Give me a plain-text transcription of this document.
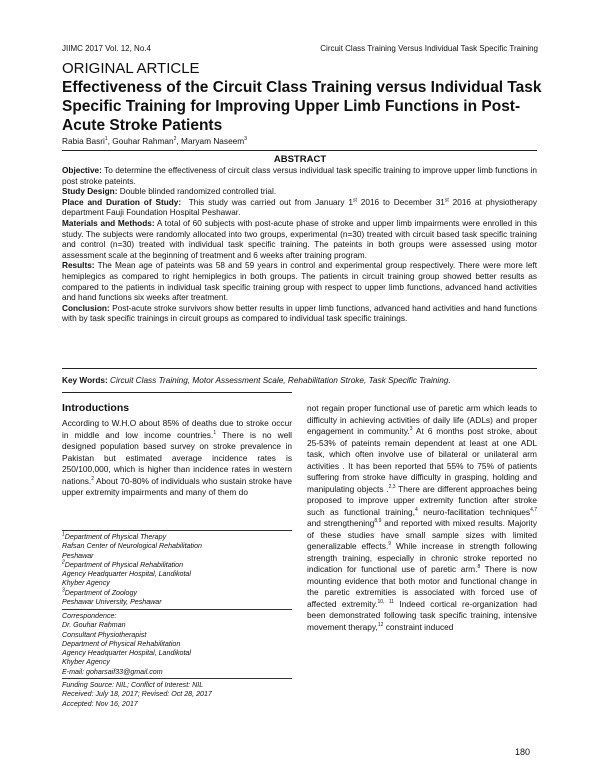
JIIMC 2017 Vol. 12, No.4	Circuit Class Training Versus Individual Task Specific Training
ORIGINAL ARTICLE
Effectiveness of the Circuit Class Training versus Individual Task Specific Training for Improving Upper Limb Functions in Post-Acute Stroke Patients
Rabia Basri$^1$, Gouhar Rahman$^2$, Maryam Naseem$^3$
ABSTRACT

Objective: To determine the effectiveness of circuit class versus individual task specific training to improve upper limb functions in post stroke pateints.

Study Design: Double blinded randomized controlled trial.

Place and Duration of Study: This study was carried out from January 1st 2016 to December 31st 2016 at physiotherapy department Fauji Foundation Hospital Peshawar.

Materials and Methods: A total of 60 subjects with post-acute phase of stroke and upper limb impairments were enrolled in this study. The subjects were randomly allocated into two groups, experimental (n=30) treated with circuit based task specific training and control (n=30) treated with individual task specific training. The pateints in both groups were assessed using motor assessment scale at the beginning of treatment and 6 weeks after training program.

Results: The Mean age of pateints was 58 and 59 years in control and experimental group respectively. There were more left hemiplegics as compared to right hemiplegics in both groups. The patients in circuit training group showed better results as compared to the patients in individual task specific training group with respect to upper limb functions, advanced hand activities and hand functions six weeks after treatment.

Conclusion: Post-acute stroke survivors show better results in upper limb functions, advanced hand activities and hand functions with by task specific trainings in circuit groups as compared to individual task specific trainings.

Key Words: Circuit Class Training, Motor Assessment Scale, Rehabilitation Stroke, Task Specific Training.
Introductions

According to W.H.O about 85% of deaths due to stroke occur in middle and low income countries.$^1$ There is no well designed population based survey on stroke prevalence in Pakistan but estimated average incidence rates is 250/100,000, which is higher than incidence rates in western nations.$^2$ About 70-80% of individuals who sustain stroke have upper extremity impairments and many of them do

not regain proper functional use of paretic arm which leads to difficulty in achieving activities of daily life (ADLs) and proper engagement in community.$^3$ At 6 months post stroke, about 25-53% of pateints remain dependent at least at one ADL task, which often involve use of bilateral or unilateral arm activities . It has been reported that 55% to 75% of patients suffering from stroke have difficulty in grasping, holding and manipulating objects .$^{2,3}$ There are different approaches being proposed to improve upper extremity function after stroke such as functional training,$^4$ neuro-facilitation techniques$^{4,7}$ and strengthening$^{8,9}$ and reported with mixed results. Majority of these studies have small sample sizes with limited generalizable effects.$^9$ While increase in strength following strength training, especially in chronic stroke reported no indication for functional use of paretic arm.$^8$ There is now mounting evidence that both motor and functional change in the paretic extremities is associated with forced use of affected extremity.$^{10, 11}$ Indeed cortical re-organization had been demonstrated following task specific training, intensive movement therapy,$^{12}$ constraint induced

$^1$Department of Physical Therapy
Rafsan Center of Neurological Rehabilitation
Peshawar
$^2$Department of Physical Rehabilitation
Agency Headquarter Hospital, Landikotal
Khyber Agency
$^3$Department of Zoology
Peshawar University, Peshawar
Correspondence:
Dr. Gouhar Rahman
Consultant Physiotherapist
Department of Physical Rehabilitation
Agency Headquarter Hospital, Landikotal
Khyber Agency
E-mail: goharsaif33@gmail.com
Funding Source: NIL; Conflict of Interest: NIL
Received: July 18, 2017; Revised: Oct 28, 2017
Accepted: Nov 16, 2017
180
